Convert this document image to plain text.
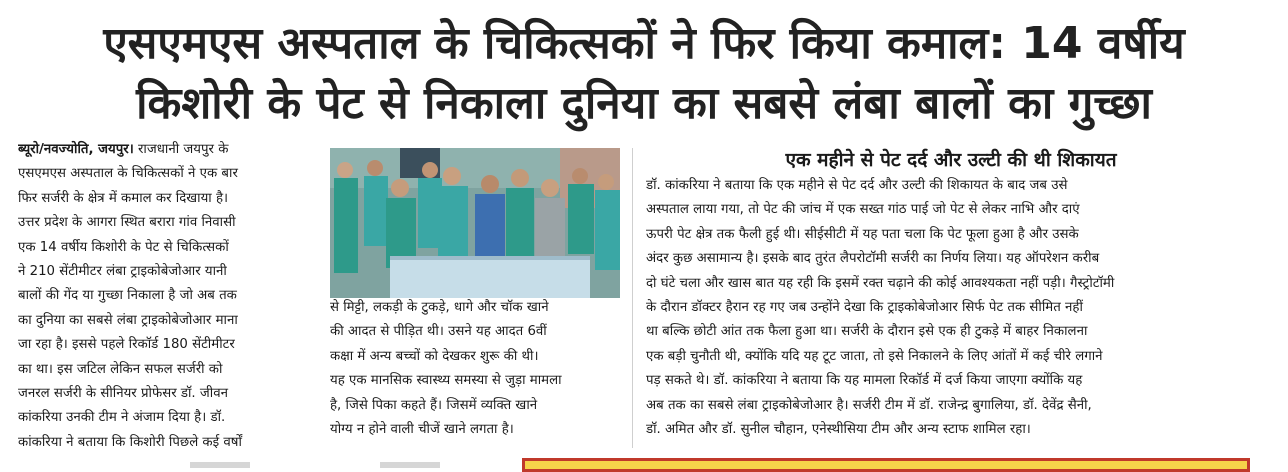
एसएमएस अस्पताल के चिकित्सकों ने फिर किया कमाल: 14 वर्षीय
किशोरी के पेट से निकाला दुनिया का सबसे लंबा बालों का गुच्छा
ब्यूरो/नवज्योति, जयपुर। राजधानी जयपुर के
एसएमएस अस्पताल के चिकित्सकों ने एक बार
फिर सर्जरी के क्षेत्र में कमाल कर दिखाया है।
उत्तर प्रदेश के आगरा स्थित बरारा गांव निवासी
एक 14 वर्षीय किशोरी के पेट से चिकित्सकों
ने 210 सेंटीमीटर लंबा ट्राइकोबेजोआर यानी
बालों की गेंद या गुच्छा निकाला है जो अब तक
का दुनिया का सबसे लंबा ट्राइकोबेजोआर माना
जा रहा है। इससे पहले रिकॉर्ड 180 सेंटीमीटर
का था। इस जटिल लेकिन सफल सर्जरी को
जनरल सर्जरी के सीनियर प्रोफेसर डॉ. जीवन
कांकरिया उनकी टीम ने अंजाम दिया है। डॉ.
कांकरिया ने बताया कि किशोरी पिछले कई वर्षों
से मिट्टी, लकड़ी के टुकड़े, धागे और चॉक खाने
की आदत से पीड़ित थी। उसने यह आदत 6वीं
कक्षा में अन्य बच्चों को देखकर शुरू की थी।
यह एक मानसिक स्वास्थ्य समस्या से जुड़ा मामला
है, जिसे पिका कहते हैं। जिसमें व्यक्ति खाने
योग्य न होने वाली चीजें खाने लगता है।
एक महीने से पेट दर्द और उल्टी की थी शिकायत
डॉ. कांकरिया ने बताया कि एक महीने से पेट दर्द और उल्टी की शिकायत के बाद जब उसे
अस्पताल लाया गया, तो पेट की जांच में एक सख्त गांठ पाई जो पेट से लेकर नाभि और दाएं
ऊपरी पेट क्षेत्र तक फैली हुई थी। सीईसीटी में यह पता चला कि पेट फूला हुआ है और उसके
अंदर कुछ असामान्य है। इसके बाद तुरंत लैपरोटॉमी सर्जरी का निर्णय लिया। यह ऑपरेशन करीब
दो घंटे चला और खास बात यह रही कि इसमें रक्त चढ़ाने की कोई आवश्यकता नहीं पड़ी। गैस्ट्रोटॉमी
के दौरान डॉक्टर हैरान रह गए जब उन्होंने देखा कि ट्राइकोबेजोआर सिर्फ पेट तक सीमित नहीं
था बल्कि छोटी आंत तक फैला हुआ था। सर्जरी के दौरान इसे एक ही टुकड़े में बाहर निकालना
एक बड़ी चुनौती थी, क्योंकि यदि यह टूट जाता, तो इसे निकालने के लिए आंतों में कई चीरे लगाने
पड़ सकते थे। डॉ. कांकरिया ने बताया कि यह मामला रिकॉर्ड में दर्ज किया जाएगा क्योंकि यह
अब तक का सबसे लंबा ट्राइकोबेजोआर है। सर्जरी टीम में डॉ. राजेन्द्र बुगालिया, डॉ. देवेंद्र सैनी,
डॉ. अमित और डॉ. सुनील चौहान, एनेस्थीसिया टीम और अन्य स्टाफ शामिल रहा।
